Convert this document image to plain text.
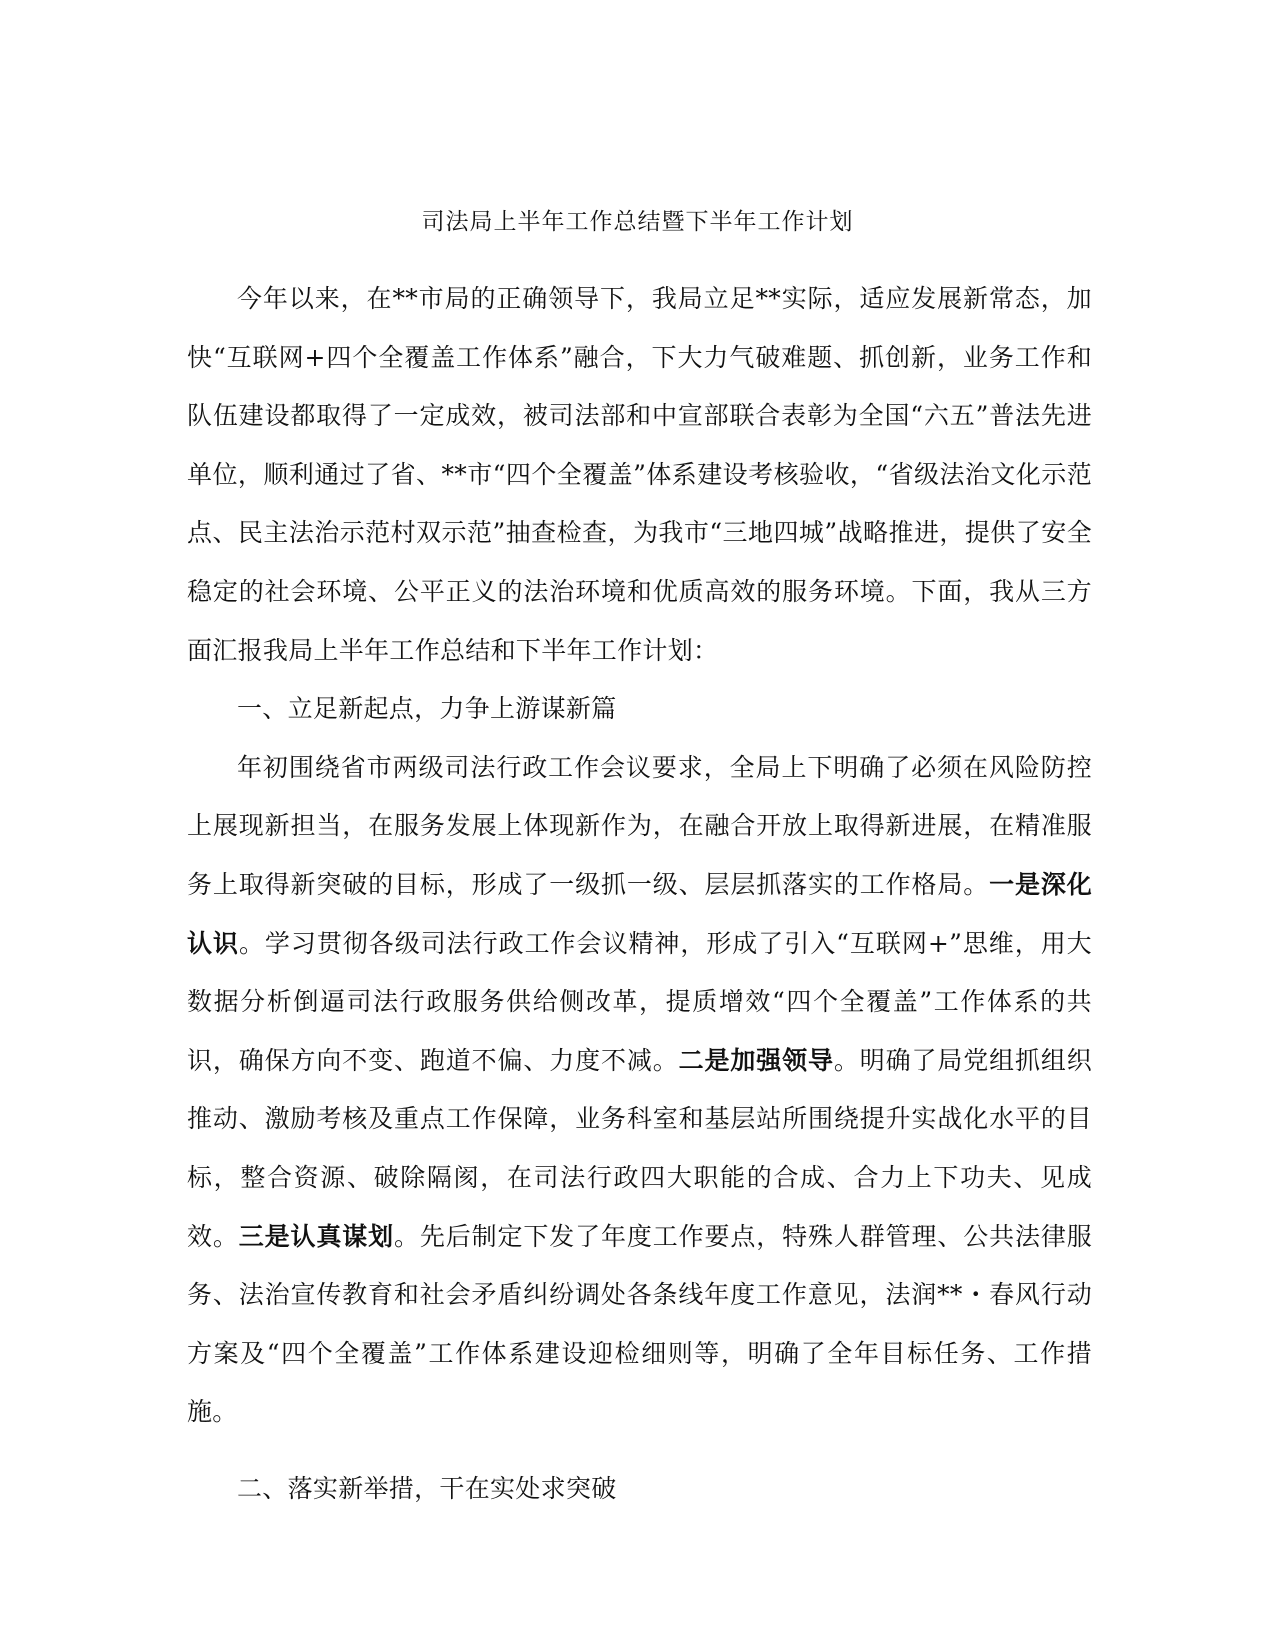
司法局上半年工作总结暨下半年工作计划

今年以来，在**市局的正确领导下，我局立足**实际，适应发展新常态，加快“互联网+四个全覆盖工作体系”融合，下大力气破难题、抓创新，业务工作和队伍建设都取得了一定成效，被司法部和中宣部联合表彰为全国“六五”普法先进单位，顺利通过了省、**市“四个全覆盖”体系建设考核验收，“省级法治文化示范点、民主法治示范村双示范”抽查检查，为我市“三地四城”战略推进，提供了安全稳定的社会环境、公平正义的法治环境和优质高效的服务环境。下面，我从三方面汇报我局上半年工作总结和下半年工作计划：

一、立足新起点，力争上游谋新篇

年初围绕省市两级司法行政工作会议要求，全局上下明确了必须在风险防控上展现新担当，在服务发展上体现新作为，在融合开放上取得新进展，在精准服务上取得新突破的目标，形成了一级抓一级、层层抓落实的工作格局。一是深化认识。学习贯彻各级司法行政工作会议精神，形成了引入“互联网+”思维，用大数据分析倒逼司法行政服务供给侧改革，提质增效“四个全覆盖”工作体系的共识，确保方向不变、跑道不偏、力度不减。二是加强领导。明确了局党组抓组织推动、激励考核及重点工作保障，业务科室和基层站所围绕提升实战化水平的目标，整合资源、破除隔阂，在司法行政四大职能的合成、合力上下功夫、见成效。三是认真谋划。先后制定下发了年度工作要点，特殊人群管理、公共法律服务、法治宣传教育和社会矛盾纠纷调处各条线年度工作意见，法润**・春风行动方案及“四个全覆盖”工作体系建设迎检细则等，明确了全年目标任务、工作措施。

二、落实新举措，干在实处求突破
